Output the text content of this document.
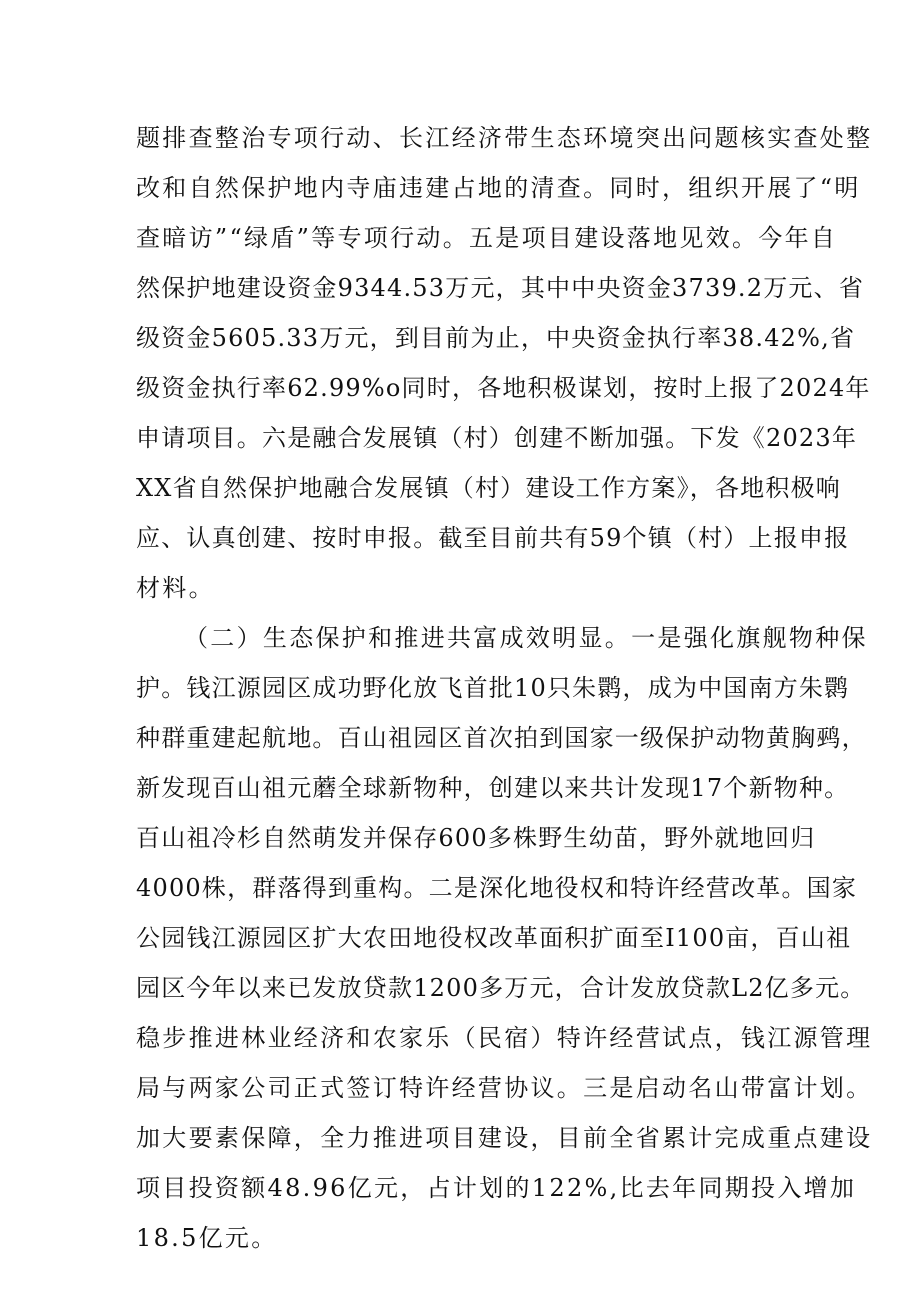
题排查整治专项行动、长江经济带生态环境突出问题核实查处整
改和自然保护地内寺庙违建占地的清查。同时，组织开展了“明
查暗访”“绿盾”等专项行动。五是项目建设落地见效。今年自
然保护地建设资金9344.53万元，其中中央资金3739.2万元、省
级资金5605.33万元，到目前为止，中央资金执行率38.42%,省
级资金执行率62.99%o同时，各地积极谋划，按时上报了2024年
申请项目。六是融合发展镇（村）创建不断加强。下发《2023年
XX省自然保护地融合发展镇（村）建设工作方案》，各地积极响
应、认真创建、按时申报。截至目前共有59个镇（村）上报申报
材料。
（二）生态保护和推进共富成效明显。一是强化旗舰物种保
护。钱江源园区成功野化放飞首批10只朱鹮，成为中国南方朱鹮
种群重建起航地。百山祖园区首次拍到国家一级保护动物黄胸鹀，
新发现百山祖元蘑全球新物种，创建以来共计发现17个新物种。
百山祖冷杉自然萌发并保存600多株野生幼苗，野外就地回归
4000株，群落得到重构。二是深化地役权和特许经营改革。国家
公园钱江源园区扩大农田地役权改革面积扩面至I100亩，百山祖
园区今年以来已发放贷款1200多万元，合计发放贷款L2亿多元。
稳步推进林业经济和农家乐（民宿）特许经营试点，钱江源管理
局与两家公司正式签订特许经营协议。三是启动名山带富计划。
加大要素保障，全力推进项目建设，目前全省累计完成重点建设
项目投资额48.96亿元，占计划的122%,比去年同期投入增加
18.5亿元。
